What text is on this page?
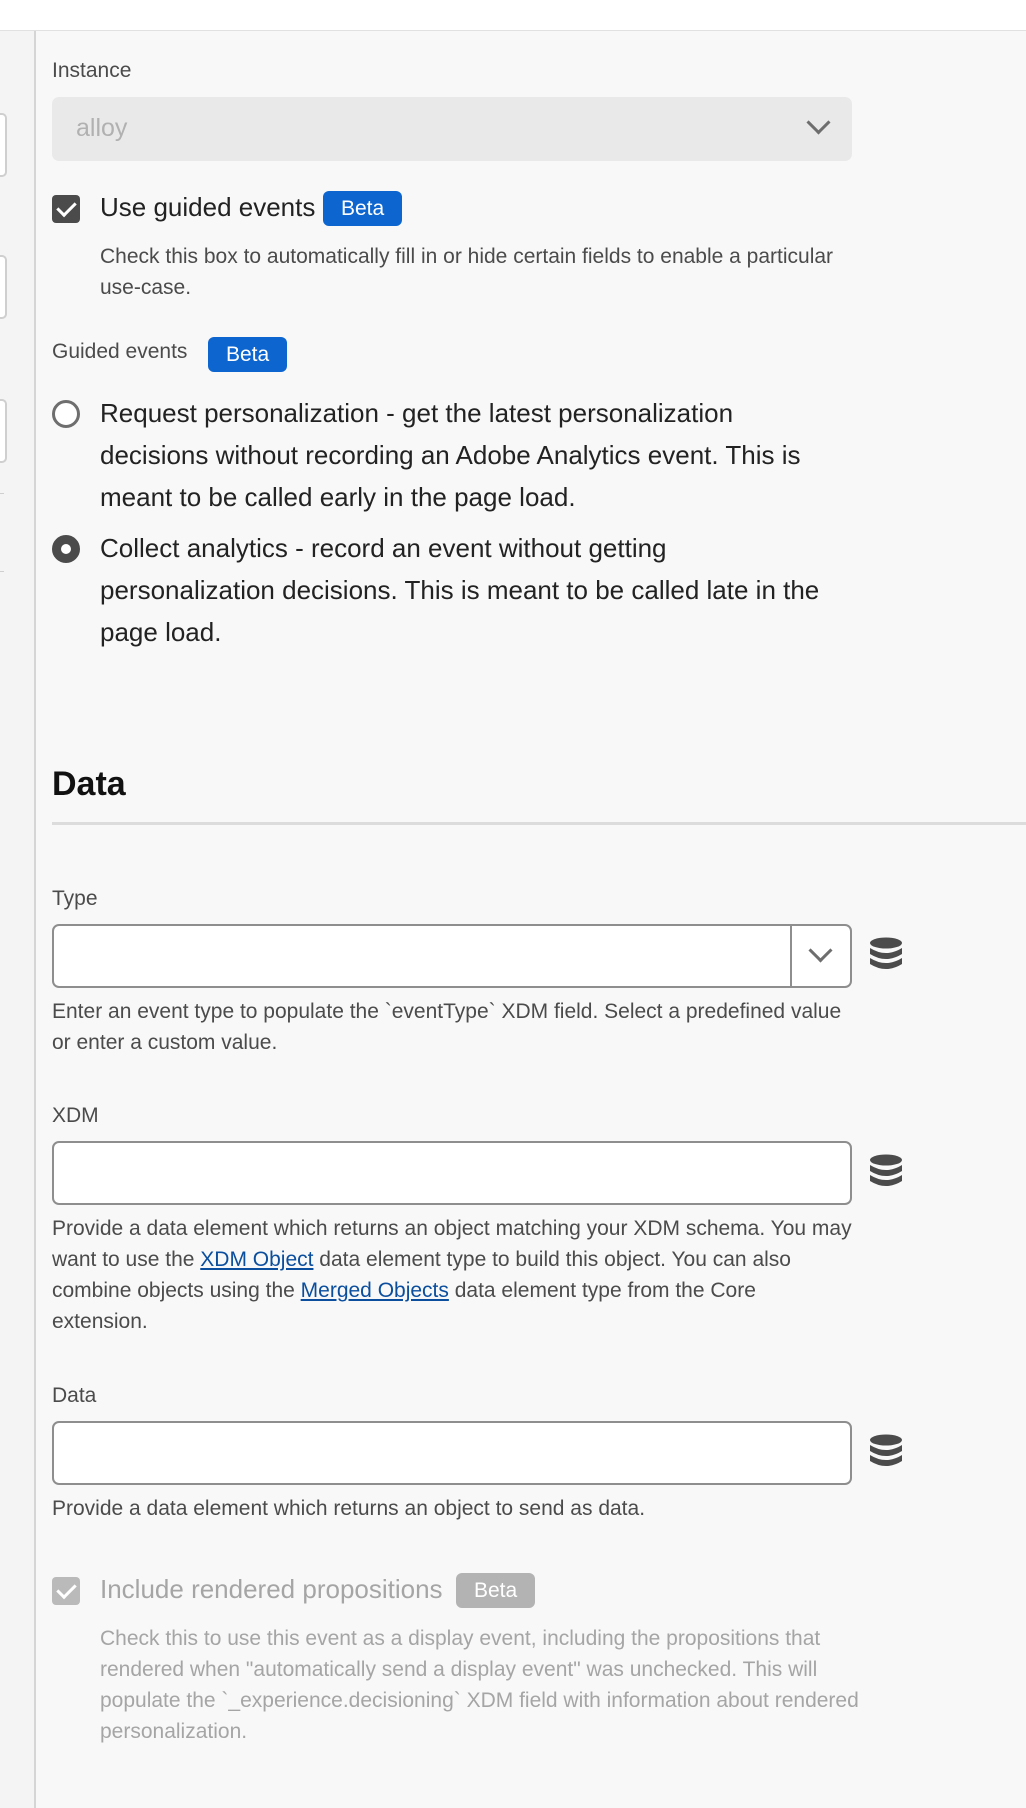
Instance
alloy
Use guided events	Beta
Check this box to automatically fill in or hide certain fields to enable a particular use-case.
Guided events	Beta
Request personalization - get the latest personalization decisions without recording an Adobe Analytics event. This is meant to be called early in the page load.
Collect analytics - record an event without getting personalization decisions. This is meant to be called late in the page load.
Data
Type
Enter an event type to populate the `eventType` XDM field. Select a predefined value or enter a custom value.
XDM
Provide a data element which returns an object matching your XDM schema. You may want to use the XDM Object data element type to build this object. You can also combine objects using the Merged Objects data element type from the Core extension.
Data
Provide a data element which returns an object to send as data.
Include rendered propositions	Beta
Check this to use this event as a display event, including the propositions that rendered when "automatically send a display event" was unchecked. This will populate the `_experience.decisioning` XDM field with information about rendered personalization.
